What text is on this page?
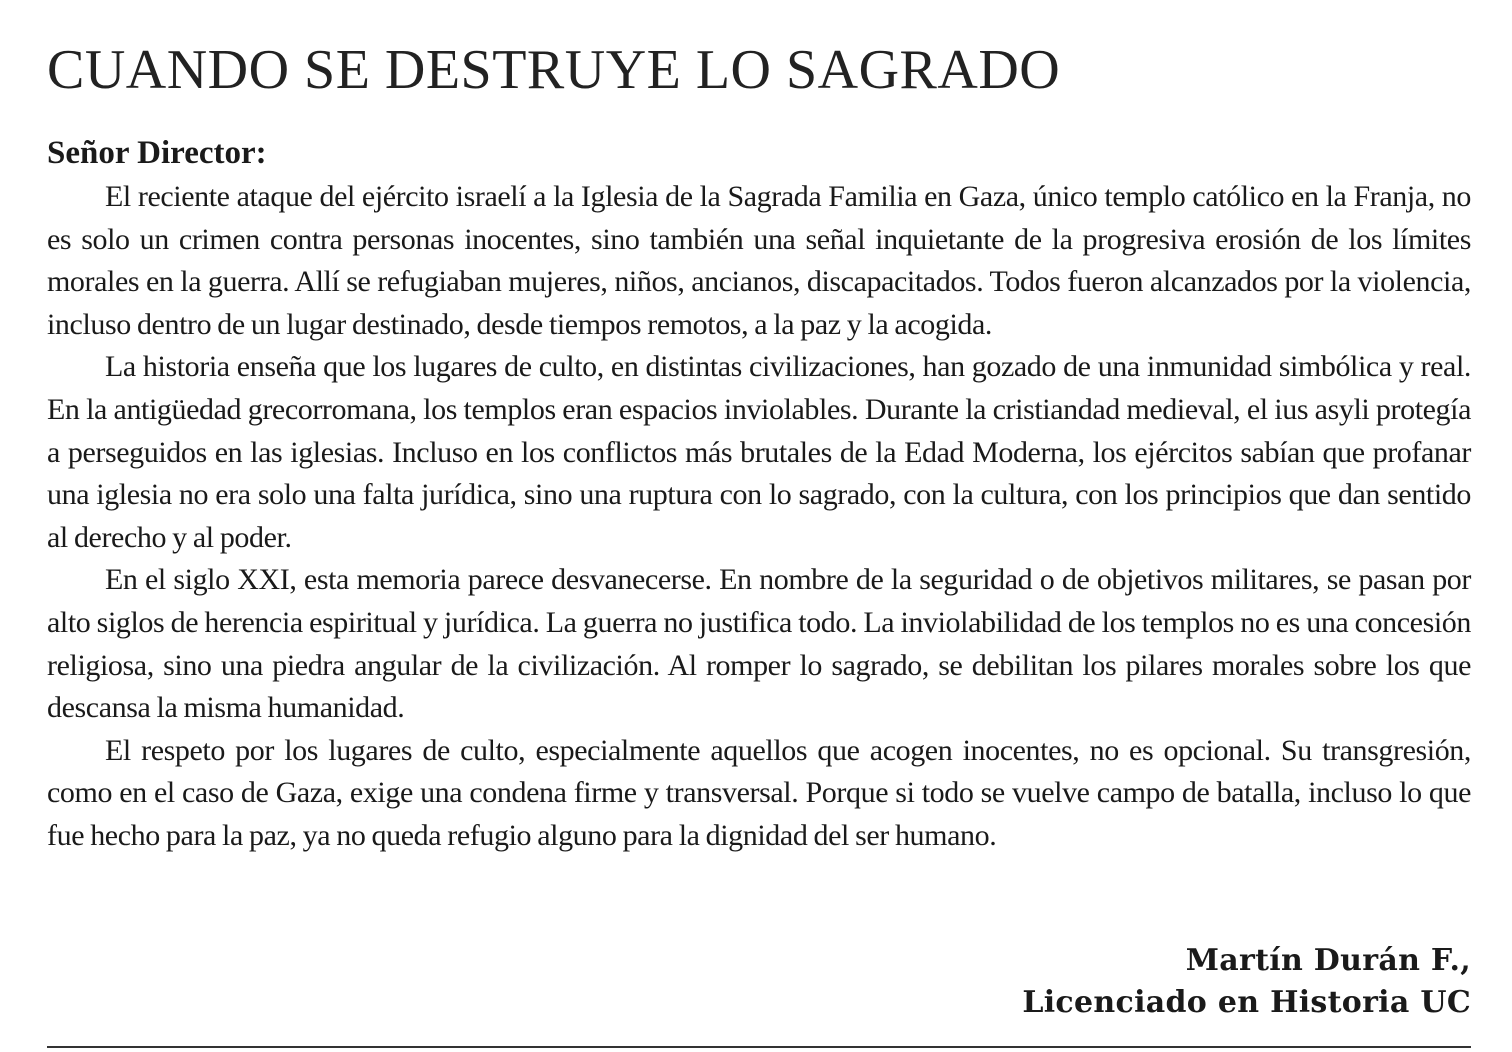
CUANDO SE DESTRUYE LO SAGRADO
Señor Director:

El reciente ataque del ejército israelí a la Iglesia de la Sagrada Familia en Gaza, único templo católico en la Franja, no es solo un crimen contra personas inocentes, sino también una señal inquietante de la progresiva erosión de los límites morales en la guerra. Allí se refugiaban mujeres, niños, ancianos, discapacitados. Todos fueron alcanzados por la violencia, incluso dentro de un lugar destinado, desde tiempos remotos, a la paz y la acogida.

La historia enseña que los lugares de culto, en distintas civilizaciones, han gozado de una inmunidad simbólica y real. En la antigüedad grecorromana, los templos eran espacios inviolables. Durante la cristiandad medieval, el ius asyli protegía a perseguidos en las iglesias. Incluso en los conflictos más brutales de la Edad Moderna, los ejércitos sabían que profanar una iglesia no era solo una falta jurídica, sino una ruptura con lo sagrado, con la cultura, con los principios que dan sentido al derecho y al poder.

En el siglo XXI, esta memoria parece desvanecerse. En nombre de la seguridad o de objetivos militares, se pasan por alto siglos de herencia espiritual y jurídica. La guerra no justifica todo. La inviolabilidad de los templos no es una concesión religiosa, sino una piedra angular de la civilización. Al romper lo sagrado, se debilitan los pilares morales sobre los que descansa la misma humanidad.

El respeto por los lugares de culto, especialmente aquellos que acogen inocentes, no es opcional. Su transgresión, como en el caso de Gaza, exige una condena firme y transversal. Porque si todo se vuelve campo de batalla, incluso lo que fue hecho para la paz, ya no queda refugio alguno para la dignidad del ser humano.

Martín Durán F.,
Licenciado en Historia UC
